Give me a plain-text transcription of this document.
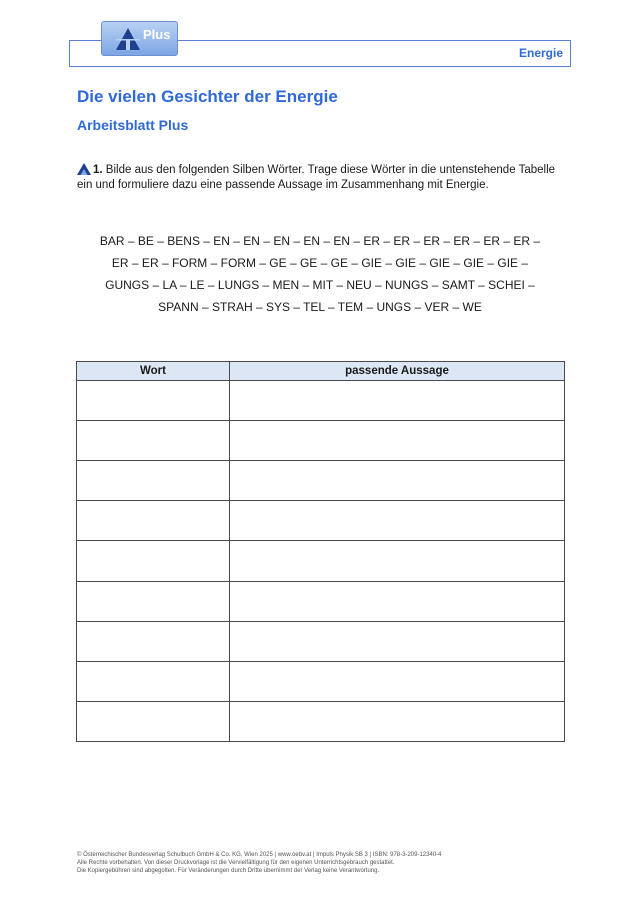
Energie
Plus
Die vielen Gesichter der Energie
Arbeitsblatt Plus

1. Bilde aus den folgenden Silben Wörter. Trage diese Wörter in die untenstehende Tabelle ein und formuliere dazu eine passende Aussage im Zusammenhang mit Energie.

BAR – BE – BENS – EN – EN – EN – EN – EN – ER – ER – ER – ER – ER – ER –
ER – ER – FORM – FORM – GE – GE – GE – GIE – GIE – GIE – GIE – GIE –
GUNGS – LA – LE – LUNGS – MEN – MIT – NEU – NUNGS – SAMT – SCHEI –
SPANN – STRAH – SYS – TEL – TEM – UNGS – VER – WE
Wort	passende Aussage

© Österreichischer Bundesverlag Schulbuch GmbH & Co. KG, Wien 2025 | www.oebv.at | Impuls Physik SB 3 | ISBN: 978-3-209-12340-4
Alle Rechte vorbehalten. Von dieser Druckvorlage ist die Vervielfältigung für den eigenen Unterrichtsgebrauch gestattet.
Die Kopiergebühren sind abgegolten. Für Veränderungen durch Dritte übernimmt der Verlag keine Verantwortung.
